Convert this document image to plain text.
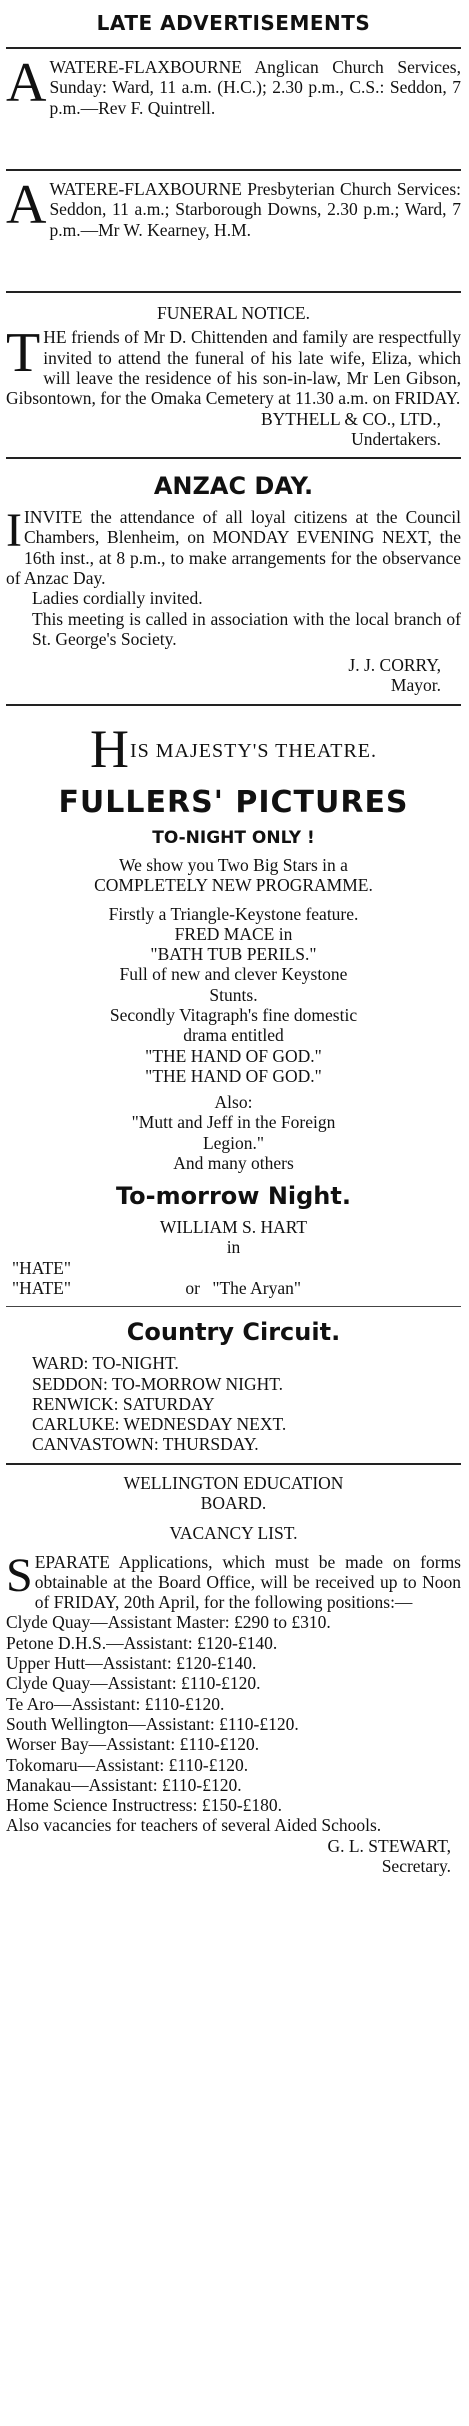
LATE ADVERTISEMENTS
A WATERE-FLAXBOURNE Anglican Church Services, Sunday: Ward, 11 a.m. (H.C.); 2.30 p.m., C.S.: Seddon, 7 p.m.—Rev F. Quintrell.

A WATERE-FLAXBOURNE Presbyterian Church Services: Seddon, 11 a.m.; Starborough Downs, 2.30 p.m.; Ward, 7 p.m.—Mr W. Kearney, H.M.

FUNERAL NOTICE.
T HE friends of Mr D. Chittenden and family are respectfully invited to attend the funeral of his late wife, Eliza, which will leave the residence of his son-in-law, Mr Len Gibson, Gibsontown, for the Omaka Cemetery at 11.30 a.m. on FRIDAY.

BYTHELL & CO., LTD.,
Undertakers.
ANZAC DAY.
I INVITE the attendance of all loyal citizens at the Council Chambers, Blenheim, on MONDAY EVENING NEXT, the 16th inst., at 8 p.m., to make arrangements for the observance of Anzac Day.

Ladies cordially invited.

This meeting is called in association with the local branch of St. George's Society.

J. J. CORRY,
Mayor.
HIS MAJESTY'S THEATRE.
FULLERS' PICTURES
TO-NIGHT ONLY !
We show you Two Big Stars in a
COMPLETELY NEW PROGRAMME.
Firstly a Triangle-Keystone feature.
FRED MACE in
"BATH TUB PERILS."
Full of new and clever Keystone
Stunts.
Secondly Vitagraph's fine domestic
drama entitled
"THE HAND OF GOD."
"THE HAND OF GOD."
Also:
"Mutt and Jeff in the Foreign
Legion."
And many others
To-morrow Night.
WILLIAM S. HART
in
"HATE"
"HATE"	or "The Aryan"
Country Circuit.
WARD: TO-NIGHT.
SEDDON: TO-MORROW NIGHT.
RENWICK: SATURDAY
CARLUKE: WEDNESDAY NEXT.
CANVASTOWN: THURSDAY.
WELLINGTON EDUCATION
BOARD.
VACANCY LIST.
S EPARATE Applications, which must be made on forms obtainable at the Board Office, will be received up to Noon of FRIDAY, 20th April, for the following positions:—

Clyde Quay—Assistant Master: £290 to £310.
Petone D.H.S.—Assistant: £120-£140.
Upper Hutt—Assistant: £120-£140.
Clyde Quay—Assistant: £110-£120.
Te Aro—Assistant: £110-£120.
South Wellington—Assistant: £110-£120.
Worser Bay—Assistant: £110-£120.
Tokomaru—Assistant: £110-£120.
Manakau—Assistant: £110-£120.
Home Science Instructress: £150-£180.

Also vacancies for teachers of several Aided Schools.

G. L. STEWART,
Secretary.
